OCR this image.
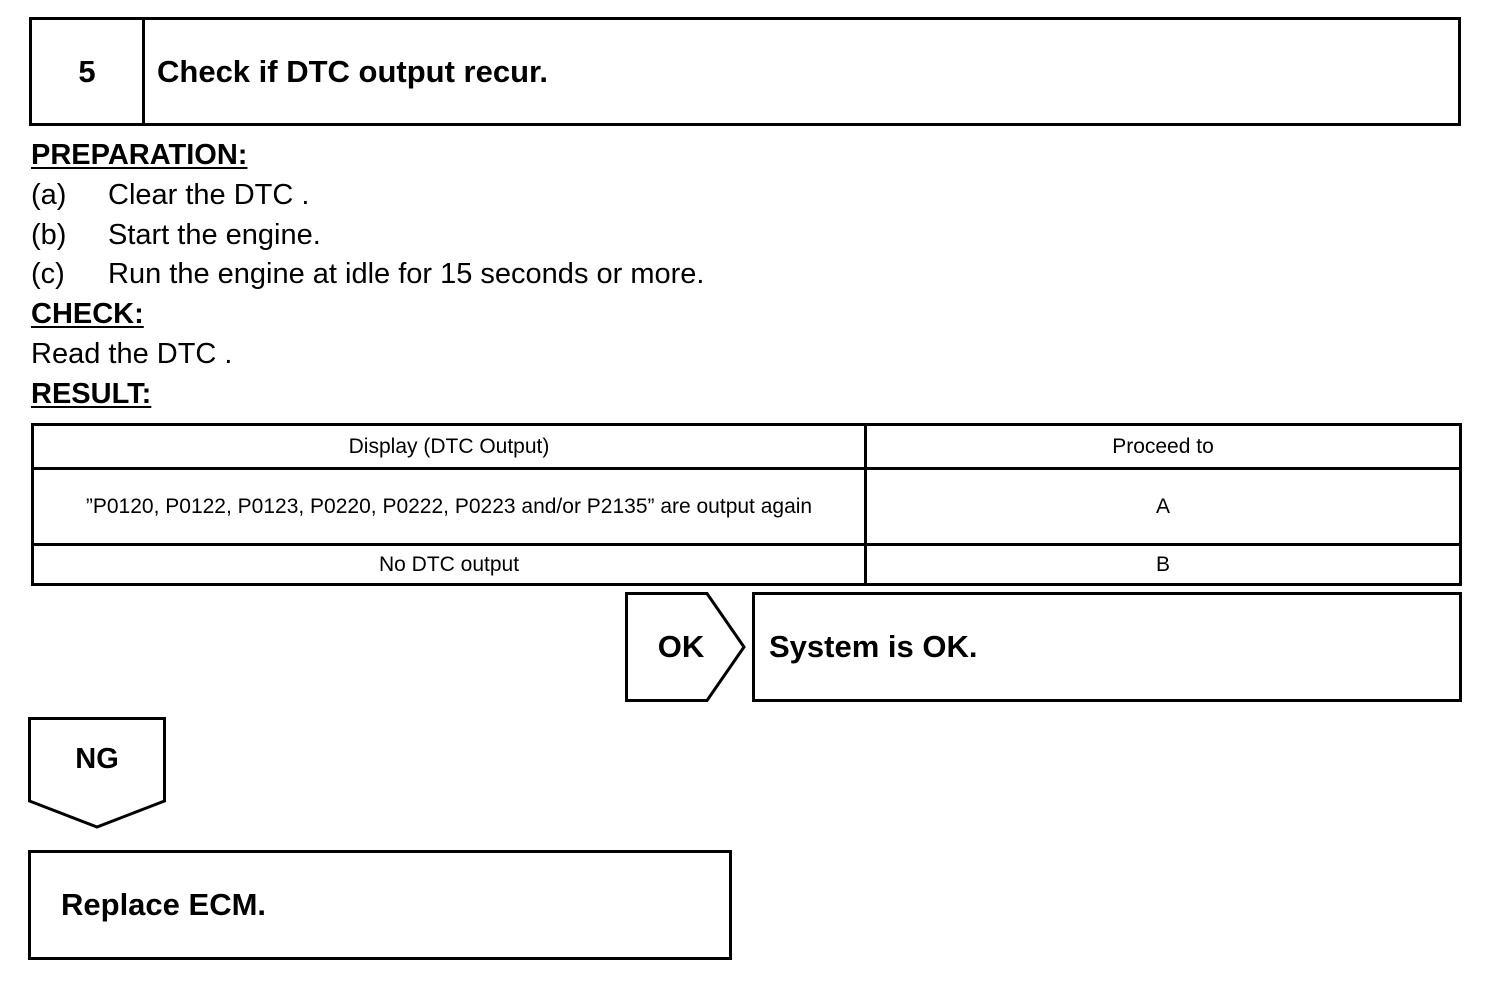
5	Check if DTC output recur.
PREPARATION:
(a) Clear the DTC .
(b) Start the engine.
(c) Run the engine at idle for 15 seconds or more.
CHECK:
Read the DTC .
RESULT:
Display (DTC Output)	Proceed to
”P0120, P0122, P0123, P0220, P0222, P0223 and/or P2135” are output again	A
No DTC output	B
OK	System is OK.
NG
Replace ECM.
